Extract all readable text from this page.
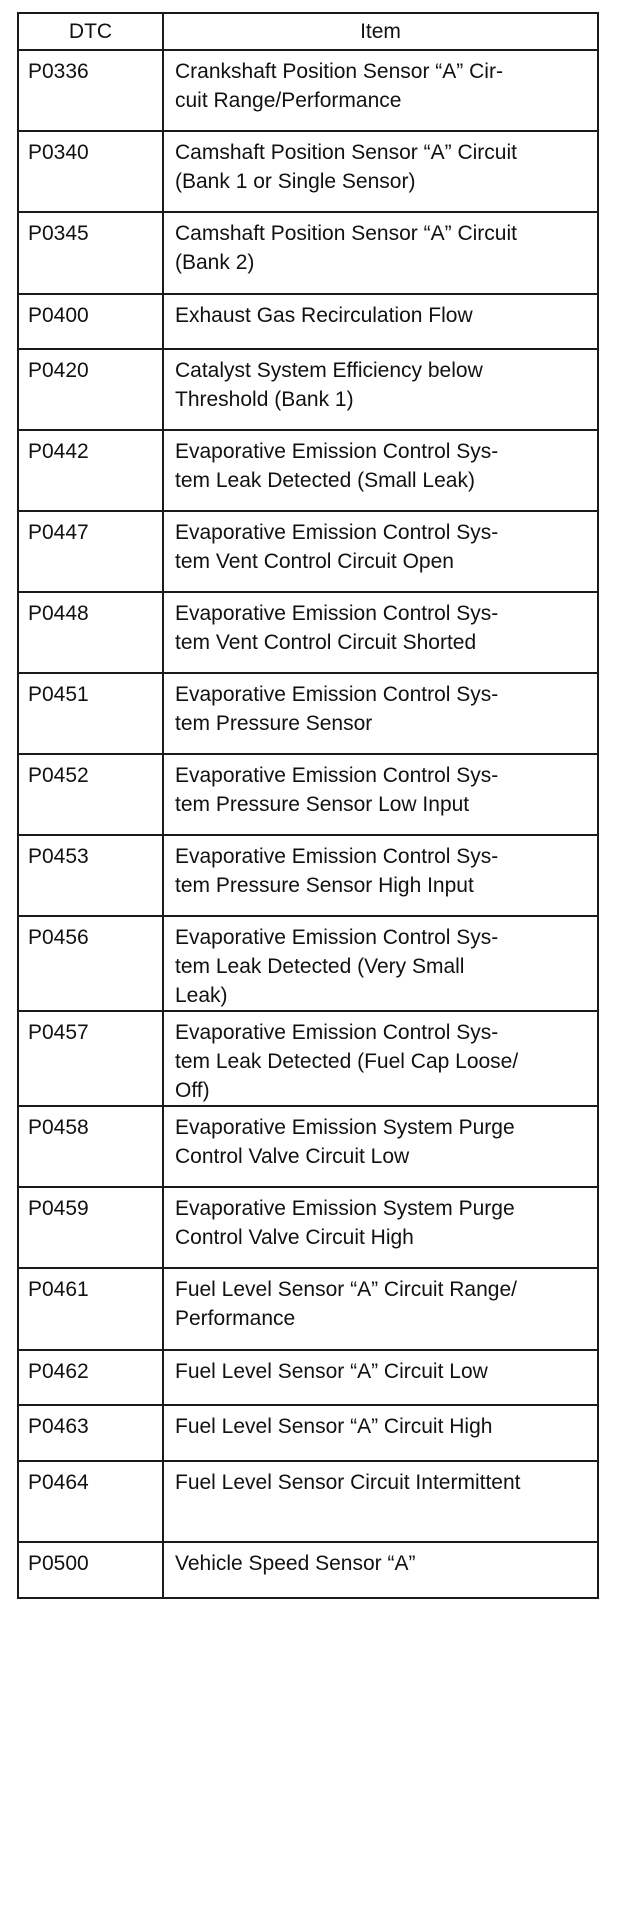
DTC	Item
P0336	Crankshaft Position Sensor “A” Cir-
cuit Range/Performance
P0340	Camshaft Position Sensor “A” Circuit
(Bank 1 or Single Sensor)
P0345	Camshaft Position Sensor “A” Circuit
(Bank 2)
P0400	Exhaust Gas Recirculation Flow
P0420	Catalyst System Efficiency below
Threshold (Bank 1)
P0442	Evaporative Emission Control Sys-
tem Leak Detected (Small Leak)
P0447	Evaporative Emission Control Sys-
tem Vent Control Circuit Open
P0448	Evaporative Emission Control Sys-
tem Vent Control Circuit Shorted
P0451	Evaporative Emission Control Sys-
tem Pressure Sensor
P0452	Evaporative Emission Control Sys-
tem Pressure Sensor Low Input
P0453	Evaporative Emission Control Sys-
tem Pressure Sensor High Input
P0456	Evaporative Emission Control Sys-
tem Leak Detected (Very Small
Leak)
P0457	Evaporative Emission Control Sys-
tem Leak Detected (Fuel Cap Loose/
Off)
P0458	Evaporative Emission System Purge
Control Valve Circuit Low
P0459	Evaporative Emission System Purge
Control Valve Circuit High
P0461	Fuel Level Sensor “A” Circuit Range/
Performance
P0462	Fuel Level Sensor “A” Circuit Low
P0463	Fuel Level Sensor “A” Circuit High
P0464	Fuel Level Sensor Circuit Intermittent
P0500	Vehicle Speed Sensor “A”
